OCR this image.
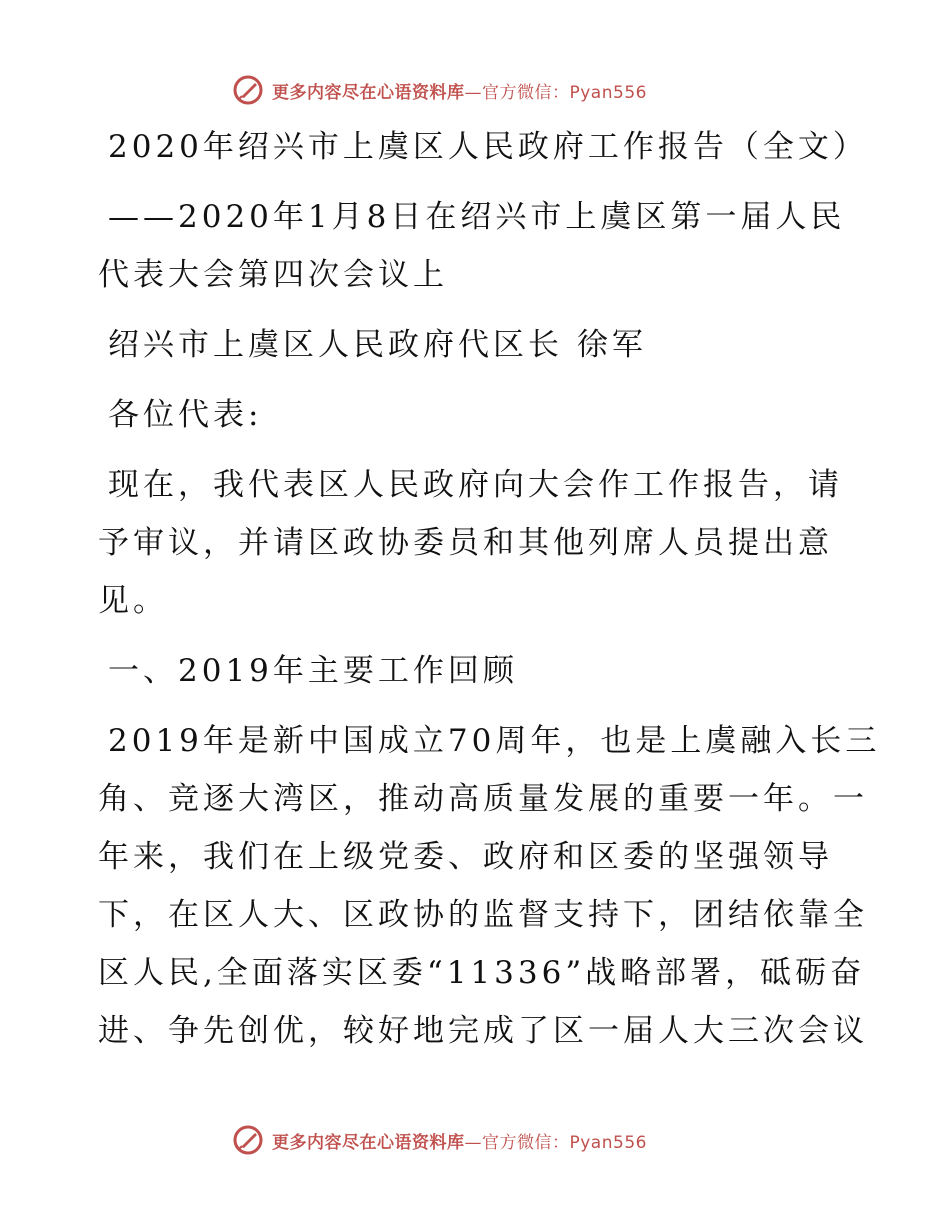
更多内容尽在心语资料库—官方微信：Pyan556
2020年绍兴市上虞区人民政府工作报告（全文）
——2020年1月8日在绍兴市上虞区第一届人民
代表大会第四次会议上
绍兴市上虞区人民政府代区长 徐军
各位代表:
现在，我代表区人民政府向大会作工作报告，请
予审议，并请区政协委员和其他列席人员提出意
见。
一、2019年主要工作回顾
2019年是新中国成立70周年，也是上虞融入长三
角、竞逐大湾区，推动高质量发展的重要一年。一
年来，我们在上级党委、政府和区委的坚强领导
下，在区人大、区政协的监督支持下，团结依靠全
区人民,全面落实区委“11336”战略部署，砥砺奋
进、争先创优，较好地完成了区一届人大三次会议
更多内容尽在心语资料库—官方微信：Pyan556
